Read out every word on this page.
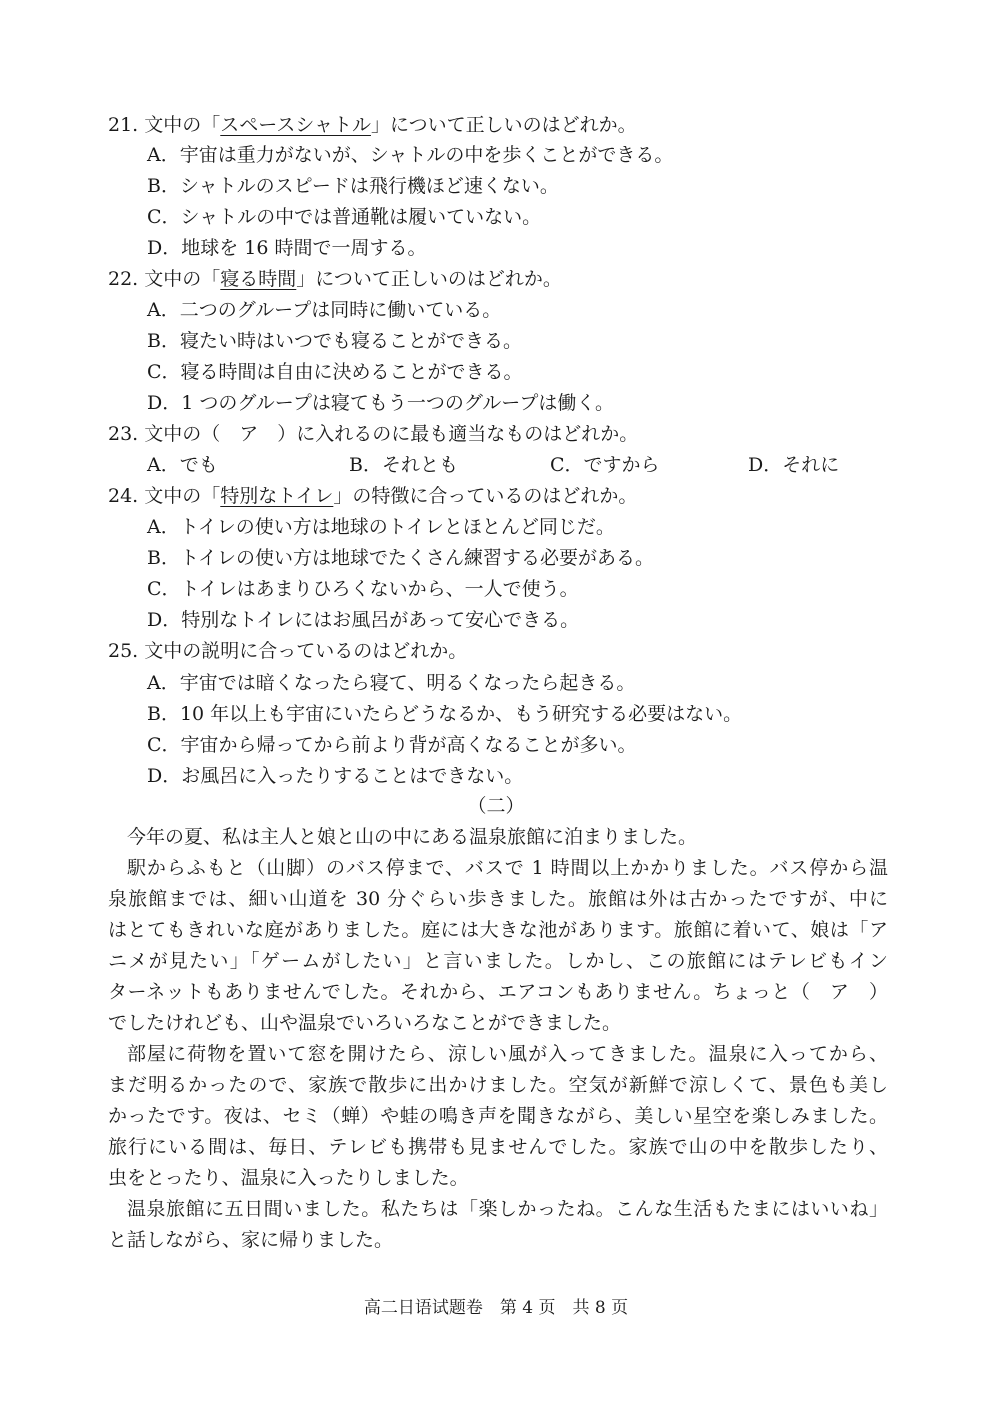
21. 文中の「スペースシャトル」について正しいのはどれか。
A．宇宙は重力がないが、シャトルの中を歩くことができる。
B．シャトルのスピードは飛行機ほど速くない。
C．シャトルの中では普通靴は履いていない。
D．地球を 16 時間で一周する。
22. 文中の「寝る時間」について正しいのはどれか。
A．二つのグループは同時に働いている。
B．寝たい時はいつでも寝ることができる。
C．寝る時間は自由に決めることができる。
D．1 つのグループは寝てもう一つのグループは働く。
23. 文中の（　ア　）に入れるのに最も適当なものはどれか。
A．でも	B．それとも	C．ですから	D．それに
24. 文中の「特別なトイレ」の特徴に合っているのはどれか。
A．トイレの使い方は地球のトイレとほとんど同じだ。
B．トイレの使い方は地球でたくさん練習する必要がある。
C．トイレはあまりひろくないから、一人で使う。
D．特別なトイレにはお風呂があって安心できる。
25. 文中の説明に合っているのはどれか。
A．宇宙では暗くなったら寝て、明るくなったら起きる。
B．10 年以上も宇宙にいたらどうなるか、もう研究する必要はない。
C．宇宙から帰ってから前より背が高くなることが多い。
D．お風呂に入ったりすることはできない。
（二）
今年の夏、私は主人と娘と山の中にある温泉旅館に泊まりました。
駅からふもと（山脚）のバス停まで、バスで 1 時間以上かかりました。バス停から温
泉旅館までは、細い山道を 30 分ぐらい歩きました。旅館は外は古かったですが、中に
はとてもきれいな庭がありました。庭には大きな池があります。旅館に着いて、娘は「ア
ニメが見たい」「ゲームがしたい」と言いました。しかし、この旅館にはテレビもイン
ターネットもありませんでした。それから、エアコンもありません。ちょっと（　ア　）
でしたけれども、山や温泉でいろいろなことができました。
部屋に荷物を置いて窓を開けたら、涼しい風が入ってきました。温泉に入ってから、
まだ明るかったので、家族で散歩に出かけました。空気が新鮮で涼しくて、景色も美し
かったです。夜は、セミ（蝉）や蛙の鳴き声を聞きながら、美しい星空を楽しみました。
旅行にいる間は、毎日、テレビも携帯も見ませんでした。家族で山の中を散歩したり、
虫をとったり、温泉に入ったりしました。
温泉旅館に五日間いました。私たちは「楽しかったね。こんな生活もたまにはいいね」
と話しながら、家に帰りました。
高二日语试题卷　第 4 页　共 8 页
